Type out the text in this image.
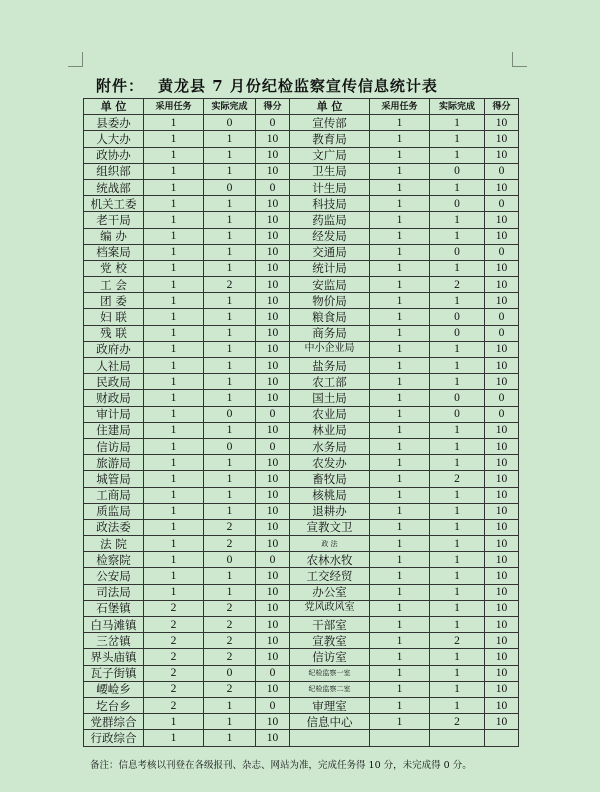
附件： 黄龙县 7 月份纪检监察宣传信息统计表
单 位	采用任务	实际完成	得分	单 位	采用任务	实际完成	得分
县委办	1	0	0	宣传部	1	1	10
人大办	1	1	10	教育局	1	1	10
政协办	1	1	10	文广局	1	1	10
组织部	1	1	10	卫生局	1	0	0
统战部	1	0	0	计生局	1	1	10
机关工委	1	1	10	科技局	1	0	0
老干局	1	1	10	药监局	1	1	10
编 办	1	1	10	经发局	1	1	10
档案局	1	1	10	交通局	1	0	0
党 校	1	1	10	统计局	1	1	10
工 会	1	2	10	安监局	1	2	10
团 委	1	1	10	物价局	1	1	10
妇 联	1	1	10	粮食局	1	0	0
残 联	1	1	10	商务局	1	0	0
政府办	1	1	10	中小企业局	1	1	10
人社局	1	1	10	盐务局	1	1	10
民政局	1	1	10	农工部	1	1	10
财政局	1	1	10	国土局	1	0	0
审计局	1	0	0	农业局	1	0	0
住建局	1	1	10	林业局	1	1	10
信访局	1	0	0	水务局	1	1	10
旅游局	1	1	10	农发办	1	1	10
城管局	1	1	10	畜牧局	1	2	10
工商局	1	1	10	核桃局	1	1	10
质监局	1	1	10	退耕办	1	1	10
政法委	1	2	10	宣教文卫	1	1	10
法 院	1	2	10	政 法	1	1	10
检察院	1	0	0	农林水牧	1	1	10
公安局	1	1	10	工交经贸	1	1	10
司法局	1	1	10	办公室	1	1	10
石堡镇	2	2	10	党风政风室	1	1	10
白马滩镇	2	2	10	干部室	1	1	10
三岔镇	2	2	10	宣教室	1	2	10
界头庙镇	2	2	10	信访室	1	1	10
瓦子街镇	2	0	0	纪检监察一室	1	1	10
崾崄乡	2	2	10	纪检监察二室	1	1	10
圪台乡	2	1	0	审理室	1	1	10
党群综合	1	1	10	信息中心	1	2	10
行政综合	1	1	10				
备注：信息考核以刊登在各级报刊、杂志、网站为准，完成任务得 10 分，未完成得 0 分。
